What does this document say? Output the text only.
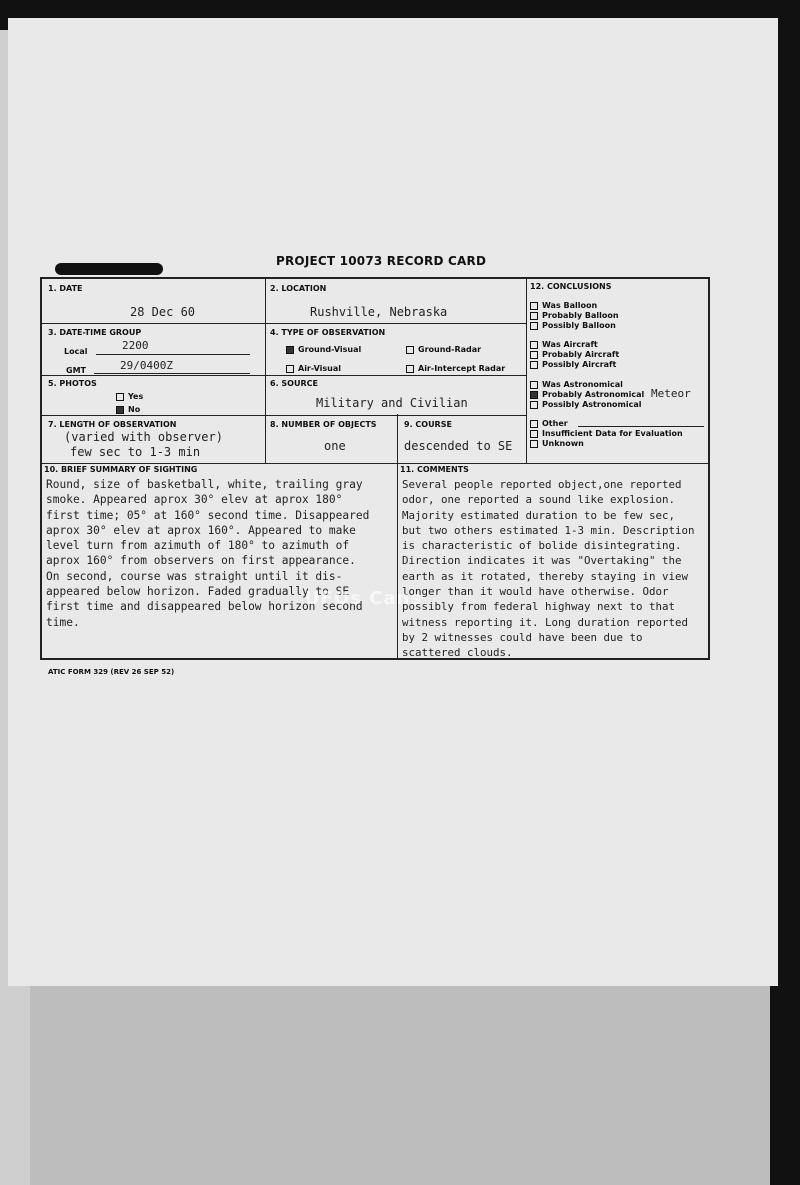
PROJECT 10073 RECORD CARD
1. DATE
28 Dec 60
2. LOCATION
Rushville, Nebraska
3. DATE-TIME GROUP
Local	2200
GMT	29/0400Z
4. TYPE OF OBSERVATION
Ground-Visual	Ground-Radar
Air-Visual	Air-Intercept Radar
5. PHOTOS
Yes
No
6. SOURCE
Military and Civilian
7. LENGTH OF OBSERVATION
(varied with observer)
few sec to 1-3 min
8. NUMBER OF OBJECTS
one
9. COURSE
descended to SE
12. CONCLUSIONS
Was Balloon
Probably Balloon
Possibly Balloon
Was Aircraft
Probably Aircraft
Possibly Aircraft
Was Astronomical
Probably Astronomical Meteor
Possibly Astronomical
Other
Insufficient Data for Evaluation
Unknown
10. BRIEF SUMMARY OF SIGHTING
Round, size of basketball, white, trailing gray
smoke. Appeared aprox 30° elev at aprox 180°
first time; 05° at 160° second time. Disappeared
aprox 30° elev at aprox 160°. Appeared to make
level turn from azimuth of 180° to azimuth of
aprox 160° from observers on first appearance.
On second, course was straight until it dis-
appeared below horizon. Faded gradually to SE
first time and disappeared below horizon second
time.
11. COMMENTS
Several people reported object,one reported
odor, one reported a sound like explosion.
Majority estimated duration to be few sec,
but two others estimated 1-3 min. Description
is characteristic of bolide disintegrating.
Direction indicates it was "Overtaking" the
earth as it rotated, thereby staying in view
longer than it would have otherwise. Odor
possibly from federal highway next to that
witness reporting it. Long duration reported
by 2 witnesses could have been due to
scattered clouds.
ATIC FORM 329 (REV 26 SEP 52)
UFOs Cans
